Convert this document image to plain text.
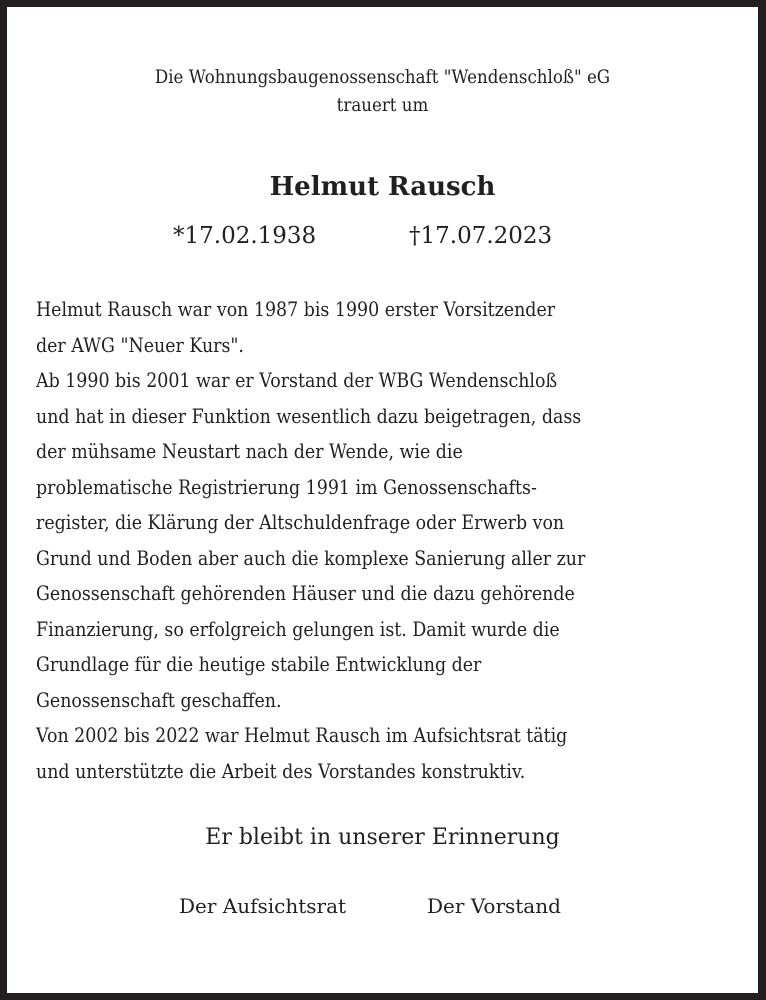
Die Wohnungsbaugenossenschaft "Wendenschloß" eG
trauert um
Helmut Rausch
*17.02.1938	†17.07.2023
Helmut Rausch war von 1987 bis 1990 erster Vorsitzender
der AWG "Neuer Kurs".
Ab 1990 bis 2001 war er Vorstand der WBG Wendenschloß
und hat in dieser Funktion wesentlich dazu beigetragen, dass
der mühsame Neustart nach der Wende, wie die
problematische Registrierung 1991 im Genossenschafts-
register, die Klärung der Altschuldenfrage oder Erwerb von
Grund und Boden aber auch die komplexe Sanierung aller zur
Genossenschaft gehörenden Häuser und die dazu gehörende
Finanzierung, so erfolgreich gelungen ist. Damit wurde die
Grundlage für die heutige stabile Entwicklung der
Genossenschaft geschaffen.
Von 2002 bis 2022 war Helmut Rausch im Aufsichtsrat tätig
und unterstützte die Arbeit des Vorstandes konstruktiv.
Er bleibt in unserer Erinnerung
Der Aufsichtsrat	Der Vorstand
